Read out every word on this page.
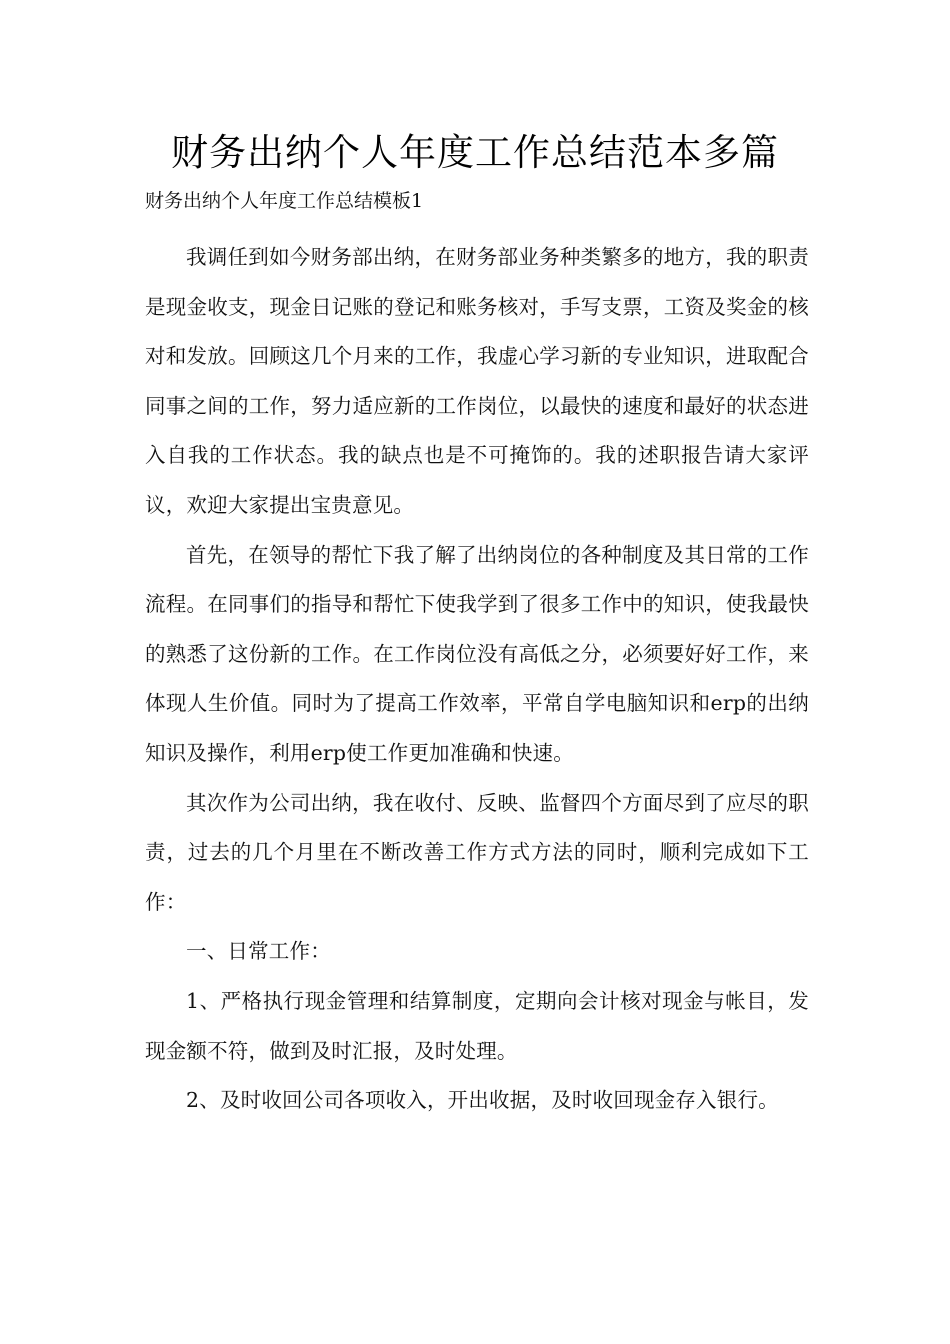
财务出纳个人年度工作总结范本多篇

财务出纳个人年度工作总结模板1

我调任到如今财务部出纳，在财务部业务种类繁多的地方，我的职责是现金收支，现金日记账的登记和账务核对，手写支票，工资及奖金的核对和发放。回顾这几个月来的工作，我虚心学习新的专业知识，进取配合同事之间的工作，努力适应新的工作岗位，以最快的速度和最好的状态进入自我的工作状态。我的缺点也是不可掩饰的。我的述职报告请大家评议，欢迎大家提出宝贵意见。

首先，在领导的帮忙下我了解了出纳岗位的各种制度及其日常的工作流程。在同事们的指导和帮忙下使我学到了很多工作中的知识，使我最快的熟悉了这份新的工作。在工作岗位没有高低之分，必须要好好工作，来体现人生价值。同时为了提高工作效率，平常自学电脑知识和erp的出纳知识及操作，利用erp使工作更加准确和快速。

其次作为公司出纳，我在收付、反映、监督四个方面尽到了应尽的职责，过去的几个月里在不断改善工作方式方法的同时，顺利完成如下工作：

一、日常工作：

1、严格执行现金管理和结算制度，定期向会计核对现金与帐目，发现金额不符，做到及时汇报，及时处理。

2、及时收回公司各项收入，开出收据，及时收回现金存入银行。
